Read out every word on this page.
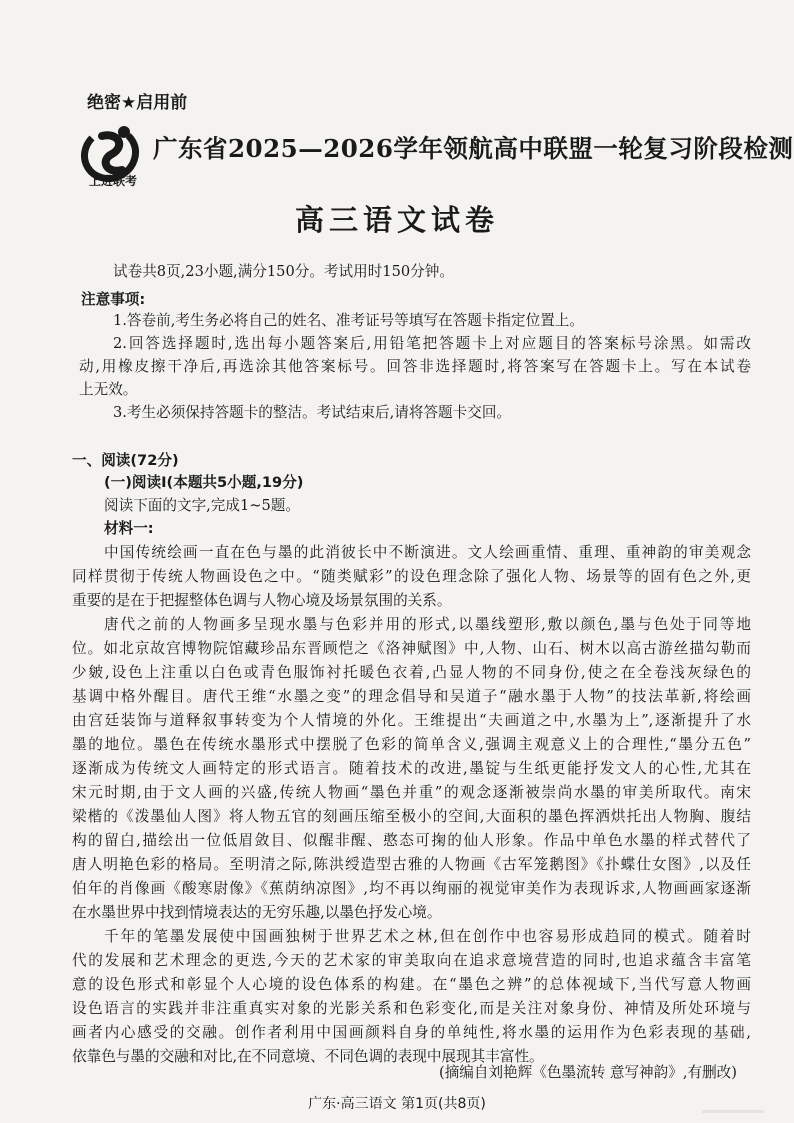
绝密★启用前
上进联考
广东省2025—2026学年领航高中联盟一轮复习阶段检测
高三语文试卷
试卷共8页,23小题,满分150分。考试用时150分钟。
注意事项:
1.答卷前,考生务必将自己的姓名、准考证号等填写在答题卡指定位置上。
2.回答选择题时,选出每小题答案后,用铅笔把答题卡上对应题目的答案标号涂黑。如需改
动,用橡皮擦干净后,再选涂其他答案标号。回答非选择题时,将答案写在答题卡上。写在本试卷
上无效。
3.考生必须保持答题卡的整洁。考试结束后,请将答题卡交回。
一、阅读(72分)
(一)阅读Ⅰ(本题共5小题,19分)
阅读下面的文字,完成1~5题。
材料一:
中国传统绘画一直在色与墨的此消彼长中不断演进。文人绘画重情、重理、重神韵的审美观念
同样贯彻于传统人物画设色之中。“随类赋彩”的设色理念除了强化人物、场景等的固有色之外,更
重要的是在于把握整体色调与人物心境及场景氛围的关系。
唐代之前的人物画多呈现水墨与色彩并用的形式,以墨线塑形,敷以颜色,墨与色处于同等地
位。如北京故宫博物院馆藏珍品东晋顾恺之《洛神赋图》中,人物、山石、树木以高古游丝描勾勒而
少皴,设色上注重以白色或青色服饰衬托暖色衣着,凸显人物的不同身份,使之在全卷浅灰绿色的
基调中格外醒目。唐代王维“水墨之变”的理念倡导和吴道子“融水墨于人物”的技法革新,将绘画
由宫廷装饰与道释叙事转变为个人情境的外化。王维提出“夫画道之中,水墨为上”,逐渐提升了水
墨的地位。墨色在传统水墨形式中摆脱了色彩的简单含义,强调主观意义上的合理性,“墨分五色”
逐渐成为传统文人画特定的形式语言。随着技术的改进,墨锭与生纸更能抒发文人的心性,尤其在
宋元时期,由于文人画的兴盛,传统人物画“墨色并重”的观念逐渐被崇尚水墨的审美所取代。南宋
梁楷的《泼墨仙人图》将人物五官的刻画压缩至极小的空间,大面积的墨色挥洒烘托出人物胸、腹结
构的留白,描绘出一位低眉敛目、似醒非醒、憨态可掬的仙人形象。作品中单色水墨的样式替代了
唐人明艳色彩的格局。至明清之际,陈洪绶造型古雅的人物画《古军笼鹅图》《扑蝶仕女图》,以及任
伯年的肖像画《酸寒尉像》《蕉荫纳凉图》,均不再以绚丽的视觉审美作为表现诉求,人物画画家逐渐
在水墨世界中找到情境表达的无穷乐趣,以墨色抒发心境。
千年的笔墨发展使中国画独树于世界艺术之林,但在创作中也容易形成趋同的模式。随着时
代的发展和艺术理念的更迭,今天的艺术家的审美取向在追求意境营造的同时,也追求蕴含丰富笔
意的设色形式和彰显个人心境的设色体系的构建。在“墨色之辨”的总体视域下,当代写意人物画
设色语言的实践并非注重真实对象的光影关系和色彩变化,而是关注对象身份、神情及所处环境与
画者内心感受的交融。创作者利用中国画颜料自身的单纯性,将水墨的运用作为色彩表现的基础,
依靠色与墨的交融和对比,在不同意境、不同色调的表现中展现其丰富性。
(摘编自刘艳辉《色墨流转 意写神韵》,有删改)
广东·高三语文 第1页(共8页)
